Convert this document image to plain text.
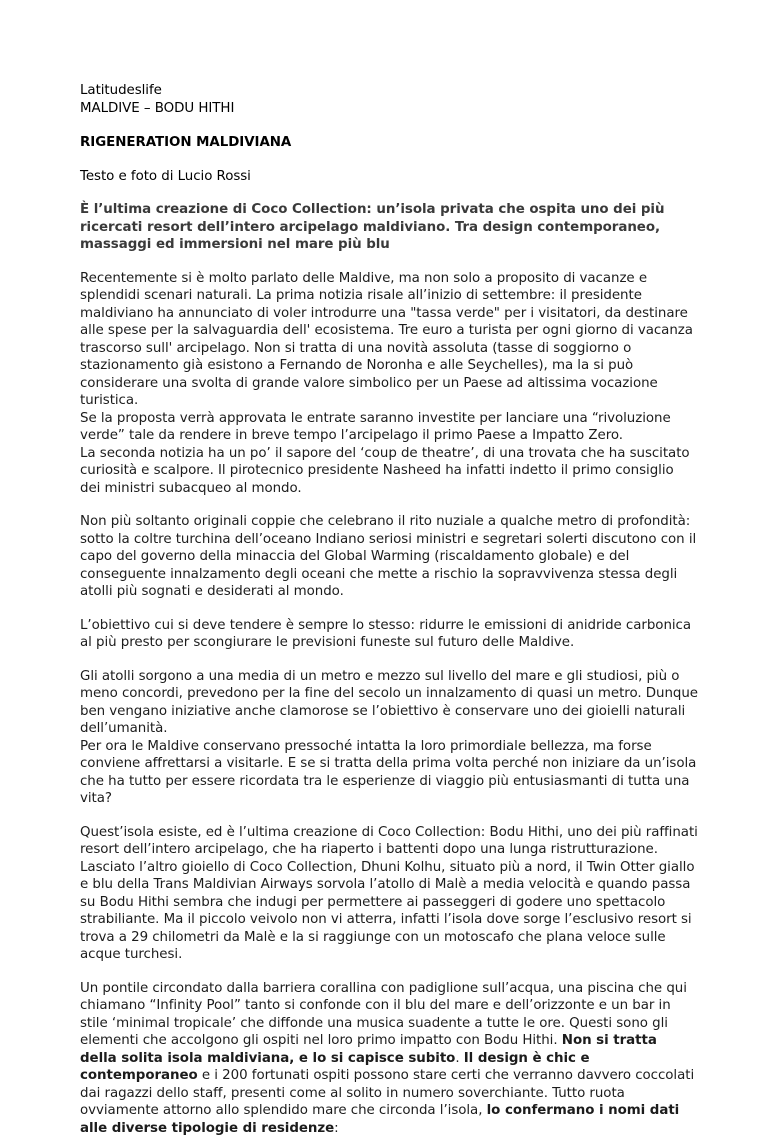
Latitudeslife
MALDIVE – BODU HITHI

RIGENERATION MALDIVIANA

Testo e foto di Lucio Rossi

È l’ultima creazione di Coco Collection: un’isola privata che ospita uno dei più ricercati resort dell’intero arcipelago maldiviano. Tra design contemporaneo, massaggi ed immersioni nel mare più blu

Recentemente si è molto parlato delle Maldive, ma non solo a proposito di vacanze e splendidi scenari naturali. La prima notizia risale all’inizio di settembre: il presidente maldiviano ha annunciato di voler introdurre una "tassa verde" per i visitatori, da destinare alle spese per la salvaguardia dell' ecosistema. Tre euro a turista per ogni giorno di vacanza trascorso sull' arcipelago. Non si tratta di una novità assoluta (tasse di soggiorno o stazionamento già esistono a Fernando de Noronha e alle Seychelles), ma la si può considerare una svolta di grande valore simbolico per un Paese ad altissima vocazione turistica.
Se la proposta verrà approvata le entrate saranno investite per lanciare una “rivoluzione verde” tale da rendere in breve tempo l’arcipelago il primo Paese a Impatto Zero.
La seconda notizia ha un po’ il sapore del ‘coup de theatre’, di una trovata che ha suscitato curiosità e scalpore. Il pirotecnico presidente Nasheed ha infatti indetto il primo consiglio dei ministri subacqueo al mondo.

Non più soltanto originali coppie che celebrano il rito nuziale a qualche metro di profondità: sotto la coltre turchina dell’oceano Indiano seriosi ministri e segretari solerti discutono con il capo del governo della minaccia del Global Warming (riscaldamento globale) e del conseguente innalzamento degli oceani che mette a rischio la sopravvivenza stessa degli atolli più sognati e desiderati al mondo.

L’obiettivo cui si deve tendere è sempre lo stesso: ridurre le emissioni di anidride carbonica al più presto per scongiurare le previsioni funeste sul futuro delle Maldive.

Gli atolli sorgono a una media di un metro e mezzo sul livello del mare e gli studiosi, più o meno concordi, prevedono per la fine del secolo un innalzamento di quasi un metro. Dunque ben vengano iniziative anche clamorose se l’obiettivo è conservare uno dei gioielli naturali dell’umanità.
Per ora le Maldive conservano pressoché intatta la loro primordiale bellezza, ma forse conviene affrettarsi a visitarle. E se si tratta della prima volta perché non iniziare da un’isola che ha tutto per essere ricordata tra le esperienze di viaggio più entusiasmanti di tutta una vita?

Quest’isola esiste, ed è l’ultima creazione di Coco Collection: Bodu Hithi, uno dei più raffinati resort dell’intero arcipelago, che ha riaperto i battenti dopo una lunga ristrutturazione. Lasciato l’altro gioiello di Coco Collection, Dhuni Kolhu, situato più a nord, il Twin Otter giallo e blu della Trans Maldivian Airways sorvola l’atollo di Malè a media velocità e quando passa su Bodu Hithi sembra che indugi per permettere ai passeggeri di godere uno spettacolo strabiliante. Ma il piccolo veivolo non vi atterra, infatti l’isola dove sorge l’esclusivo resort si trova a 29 chilometri da Malè e la si raggiunge con un motoscafo che plana veloce sulle acque turchesi.

Un pontile circondato dalla barriera corallina con padiglione sull’acqua, una piscina che qui chiamano “Infinity Pool” tanto si confonde con il blu del mare e dell’orizzonte e un bar in stile ‘minimal tropicale’ che diffonde una musica suadente a tutte le ore. Questi sono gli elementi che accolgono gli ospiti nel loro primo impatto con Bodu Hithi. Non si tratta della solita isola maldiviana, e lo si capisce subito. Il design è chic e contemporaneo e i 200 fortunati ospiti possono stare certi che verranno davvero coccolati dai ragazzi dello staff, presenti come al solito in numero soverchiante. Tutto ruota ovviamente attorno allo splendido mare che circonda l’isola, lo confermano i nomi dati alle diverse tipologie di residenze:
